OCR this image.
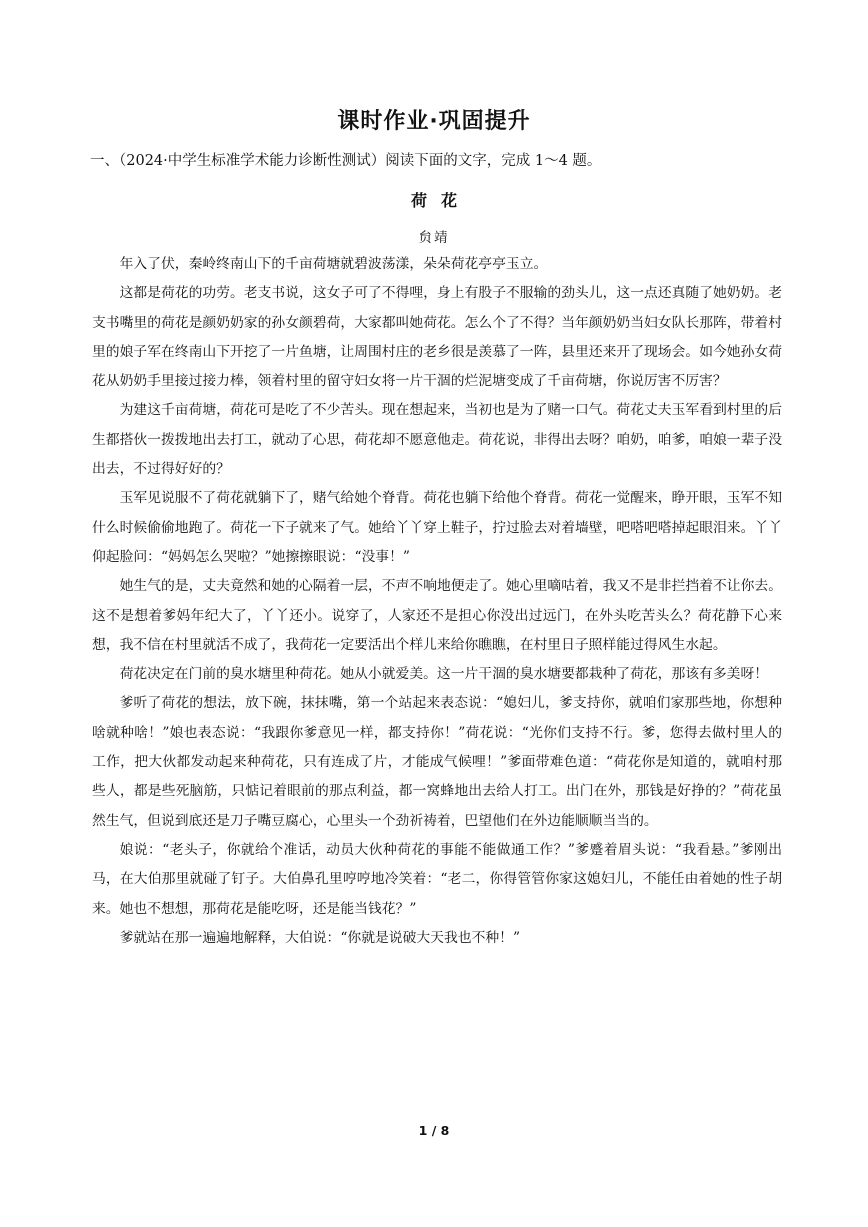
课时作业·巩固提升
一、（2024·中学生标准学术能力诊断性测试）阅读下面的文字，完成 1～4 题。
荷花
贠靖

年入了伏，秦岭终南山下的千亩荷塘就碧波荡漾，朵朵荷花亭亭玉立。

这都是荷花的功劳。老支书说，这女子可了不得哩，身上有股子不服输的劲头儿，这一点还真随了她奶奶。老支书嘴里的荷花是颜奶奶家的孙女颜碧荷，大家都叫她荷花。怎么个了不得？当年颜奶奶当妇女队长那阵，带着村里的娘子军在终南山下开挖了一片鱼塘，让周围村庄的老乡很是羡慕了一阵，县里还来开了现场会。如今她孙女荷花从奶奶手里接过接力棒，领着村里的留守妇女将一片干涸的烂泥塘变成了千亩荷塘，你说厉害不厉害？

为建这千亩荷塘，荷花可是吃了不少苦头。现在想起来，当初也是为了赌一口气。荷花丈夫玉军看到村里的后生都搭伙一拨拨地出去打工，就动了心思，荷花却不愿意他走。荷花说，非得出去呀？咱奶，咱爹，咱娘一辈子没出去，不过得好好的？

玉军见说服不了荷花就躺下了，赌气给她个脊背。荷花也躺下给他个脊背。荷花一觉醒来，睁开眼，玉军不知什么时候偷偷地跑了。荷花一下子就来了气。她给丫丫穿上鞋子，拧过脸去对着墙壁，吧嗒吧嗒掉起眼泪来。丫丫仰起脸问：“妈妈怎么哭啦？”她擦擦眼说：“没事！”

她生气的是，丈夫竟然和她的心隔着一层，不声不响地便走了。她心里嘀咕着，我又不是非拦挡着不让你去。这不是想着爹妈年纪大了，丫丫还小。说穿了，人家还不是担心你没出过远门，在外头吃苦头么？荷花静下心来想，我不信在村里就活不成了，我荷花一定要活出个样儿来给你瞧瞧，在村里日子照样能过得风生水起。

荷花决定在门前的臭水塘里种荷花。她从小就爱美。这一片干涸的臭水塘要都栽种了荷花，那该有多美呀！

爹听了荷花的想法，放下碗，抹抹嘴，第一个站起来表态说：“媳妇儿，爹支持你，就咱们家那些地，你想种啥就种啥！”娘也表态说：“我跟你爹意见一样，都支持你！”荷花说：“光你们支持不行。爹，您得去做村里人的工作，把大伙都发动起来种荷花，只有连成了片，才能成气候哩！”爹面带难色道：“荷花你是知道的，就咱村那些人，都是些死脑筋，只惦记着眼前的那点利益，都一窝蜂地出去给人打工。出门在外，那钱是好挣的？”荷花虽然生气，但说到底还是刀子嘴豆腐心，心里头一个劲祈祷着，巴望他们在外边能顺顺当当的。

娘说：“老头子，你就给个准话，动员大伙种荷花的事能不能做通工作？”爹蹙着眉头说：“我看悬。”爹刚出马，在大伯那里就碰了钉子。大伯鼻孔里哼哼地冷笑着：“老二，你得管管你家这媳妇儿，不能任由着她的性子胡来。她也不想想，那荷花是能吃呀，还是能当钱花？”

爹就站在那一遍遍地解释，大伯说：“你就是说破大天我也不种！”

1 / 8
